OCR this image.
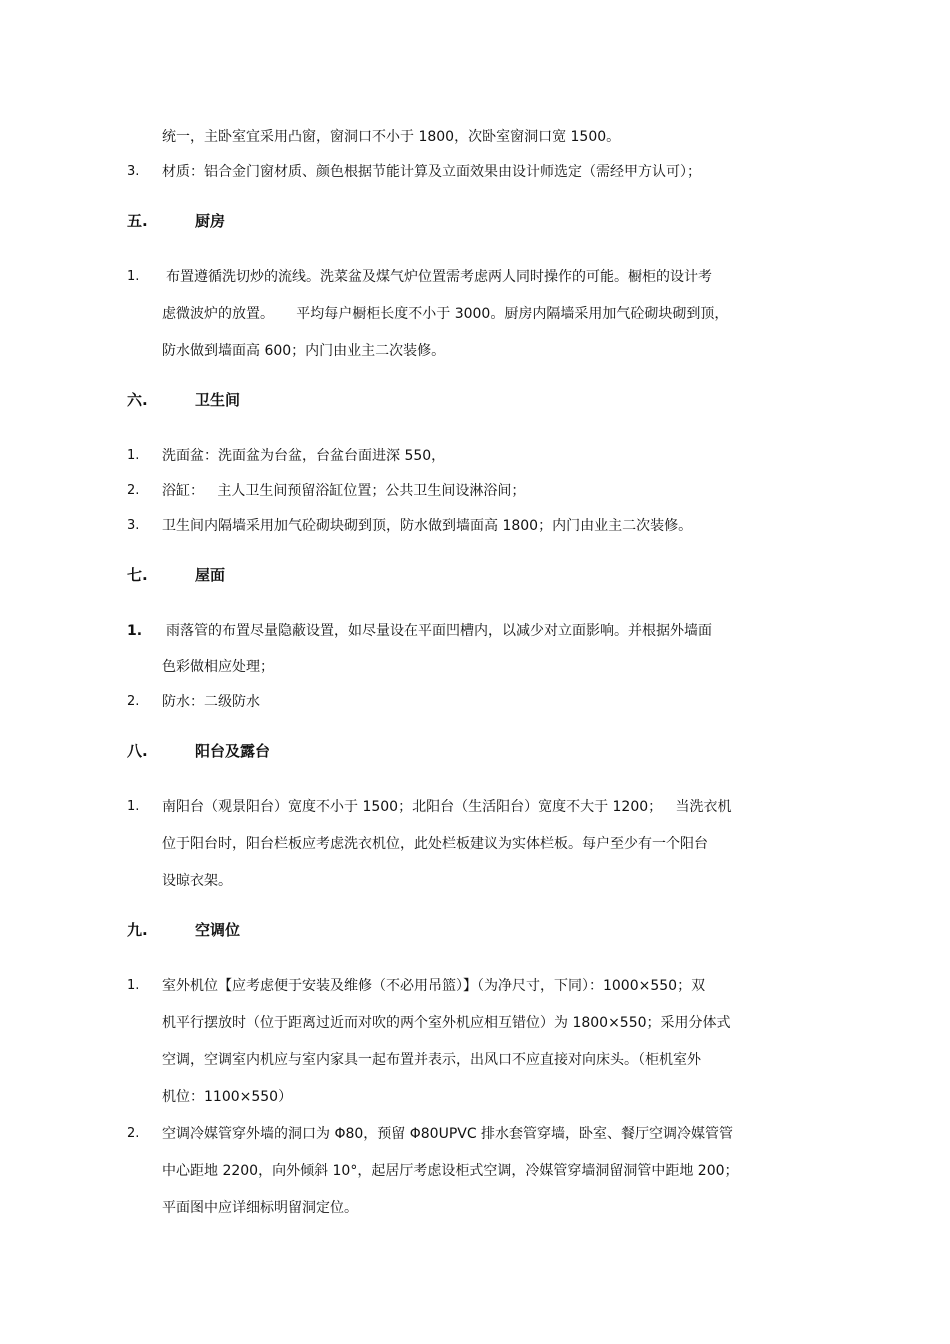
统一，主卧室宜采用凸窗，窗洞口不小于 1800，次卧室窗洞口宽 1500。
3. 材质：铝合金门窗材质、颜色根据节能计算及立面效果由设计师选定（需经甲方认可）；
五.	厨房
1. 布置遵循洗切炒的流线。洗菜盆及煤气炉位置需考虑两人同时操作的可能。橱柜的设计考
虑微波炉的放置。     平均每户橱柜长度不小于 3000。厨房内隔墙采用加气砼砌块砌到顶，
防水做到墙面高 600；内门由业主二次装修。
六.	卫生间
1. 洗面盆：洗面盆为台盆，台盆台面进深 550，
2. 浴缸：   主人卫生间预留浴缸位置；公共卫生间设淋浴间；
3. 卫生间内隔墙采用加气砼砌块砌到顶，防水做到墙面高 1800；内门由业主二次装修。
七.	屋面
1. 雨落管的布置尽量隐蔽设置，如尽量设在平面凹槽内，以减少对立面影响。并根据外墙面
色彩做相应处理；
2. 防水：二级防水
八.	阳台及露台
1. 南阳台（观景阳台）宽度不小于 1500；北阳台（生活阳台）宽度不大于 1200；   当洗衣机
位于阳台时，阳台栏板应考虑洗衣机位，此处栏板建议为实体栏板。每户至少有一个阳台
设晾衣架。
九.	空调位
1. 室外机位【应考虑便于安装及维修（不必用吊篮）】（为净尺寸，下同）：1000×550；双
机平行摆放时（位于距离过近而对吹的两个室外机应相互错位）为 1800×550；采用分体式
空调，空调室内机应与室内家具一起布置并表示，出风口不应直接对向床头。（柜机室外
机位：1100×550）
2. 空调冷媒管穿外墙的洞口为 Φ80，预留 Φ80UPVC 排水套管穿墙，卧室、餐厅空调冷媒管管
中心距地 2200，向外倾斜 10°，起居厅考虑设柜式空调，冷媒管穿墙洞留洞管中距地 200；
平面图中应详细标明留洞定位。
